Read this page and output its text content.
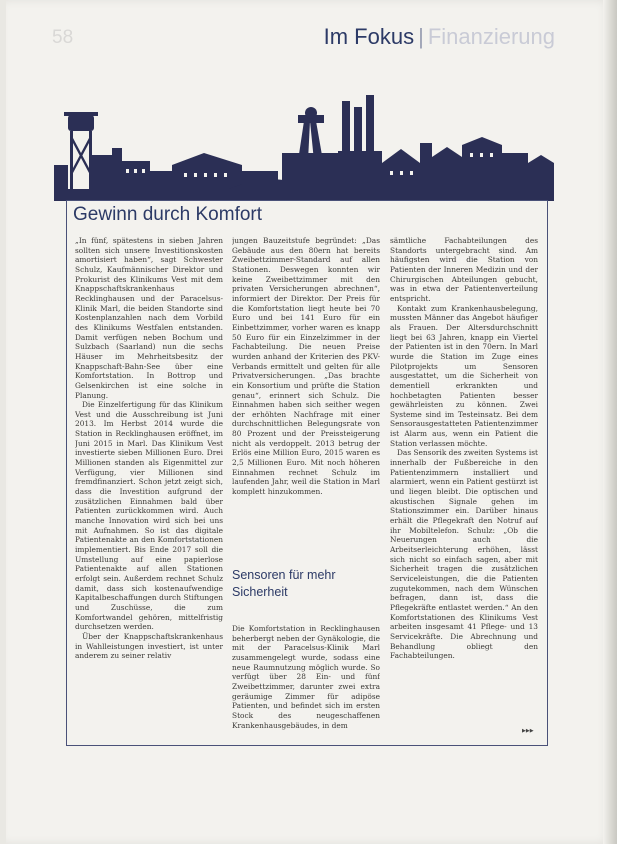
58	Im Fokus | Finanzierung
Gewinn durch Komfort

„In fünf, spätestens in sieben Jahren sollten sich unsere Investitionskosten amortisiert haben“, sagt Schwester Schulz, Kaufmännischer Direktor und Prokurist des Klinikums Vest mit dem Knappschaftskrankenhaus Recklinghausen und der Paracelsus-Klinik Marl, die beiden Standorte sind Kostenplanzahlen nach dem Vorbild des Klinikums Westfalen entstanden. Damit verfügen neben Bochum und Sulzbach (Saarland) nun die sechs Häuser im Mehrheitsbesitz der Knappschaft-Bahn-See über eine Komfortstation. In Bottrop und Gelsenkirchen ist eine solche in Planung.

Die Einzelfertigung für das Klinikum Vest und die Ausschreibung ist Juni 2013. Im Herbst 2014 wurde die Station in Recklinghausen eröffnet, im Juni 2015 in Marl. Das Klinikum Vest investierte sieben Millionen Euro. Drei Millionen standen als Eigenmittel zur Verfügung, vier Millionen sind fremdfinanziert. Schon jetzt zeigt sich, dass die Investition aufgrund der zusätzlichen Einnahmen bald über Patienten zurückkommen wird. Auch manche Innovation wird sich bei uns mit Aufnahmen. So ist das digitale Patientenakte an den Komfortstationen implementiert. Bis Ende 2017 soll die Umstellung auf eine papierlose Patientenakte auf allen Stationen erfolgt sein. Außerdem rechnet Schulz damit, dass sich kostenaufwendige Kapitalbeschaffungen durch Stiftungen und Zuschüsse, die zum Komfortwandel gehören, mittelfristig durchsetzen werden.

Über der Knappschaftskrankenhaus in Wahlleistungen investiert, ist unter anderem zu seiner relativ

jungen Bauzeitstufe begründet: „Das Gebäude aus den 80ern hat bereits Zweibettzimmer-Standard auf allen Stationen. Deswegen konnten wir keine Zweibettzimmer mit den privaten Versicherungen abrechnen“, informiert der Direktor. Der Preis für die Komfortstation liegt heute bei 70 Euro und bei 141 Euro für ein Einbettzimmer, vorher waren es knapp 50 Euro für ein Einzelzimmer in der Fachabteilung. Die neuen Preise wurden anhand der Kriterien des PKV-Verbands ermittelt und gelten für alle Privatversicherungen. „Das brachte ein Konsortium und prüfte die Station genau“, erinnert sich Schulz. Die Einnahmen haben sich seither wegen der erhöhten Nachfrage mit einer durchschnittlichen Belegungsrate von 80 Prozent und der Preissteigerung nicht als verdoppelt. 2013 betrug der Erlös eine Million Euro, 2015 waren es 2,5 Millionen Euro. Mit noch höheren Einnahmen rechnet Schulz im laufenden Jahr, weil die Station in Marl komplett hinzukommen.

Sensoren für mehr Sicherheit

Die Komfortstation in Recklinghausen beherbergt neben der Gynäkologie, die mit der Paracelsus-Klinik Marl zusammengelegt wurde, sodass eine neue Raumnutzung möglich wurde. So verfügt über 28 Ein- und fünf Zweibettzimmer, darunter zwei extra geräumige Zimmer für adipöse Patienten, und befindet sich im ersten Stock des neugeschaffenen Krankenhausgebäudes, in dem

sämtliche Fachabteilungen des Standorts untergebracht sind. Am häufigsten wird die Station von Patienten der Inneren Medizin und der Chirurgischen Abteilungen gebucht, was in etwa der Patientenverteilung entspricht.

Kontakt zum Krankenhausbelegung, mussten Männer das Angebot häufiger als Frauen. Der Altersdurchschnitt liegt bei 63 Jahren, knapp ein Viertel der Patienten ist in den 70ern. In Marl wurde die Station im Zuge eines Pilotprojekts um Sensoren ausgestattet, um die Sicherheit von dementiell erkrankten und hochbetagten Patienten besser gewährleisten zu können. Zwei Systeme sind im Testeinsatz. Bei dem Sensorausgestatteten Patientenzimmer ist Alarm aus, wenn ein Patient die Station verlassen möchte.

Das Sensorik des zweiten Systems ist innerhalb der Fußbereiche in den Patientenzimmern installiert und alarmiert, wenn ein Patient gestürzt ist und liegen bleibt. Die optischen und akustischen Signale gehen im Stationszimmer ein. Darüber hinaus erhält die Pflegekraft den Notruf auf ihr Mobiltelefon. Schulz: „Ob die Neuerungen auch die Arbeitserleichterung erhöhen, lässt sich nicht so einfach sagen, aber mit Sicherheit tragen die zusätzlichen Serviceleistungen, die die Patienten zugutekommen, nach dem Wünschen befragen, dann ist, dass die Pflegekräfte entlastet werden.“ An den Komfortstationen des Klinikums Vest arbeiten insgesamt 41 Pflege- und 13 Servicekräfte. Die Abrechnung und Behandlung obliegt den Fachabteilungen.

▶▶▶
